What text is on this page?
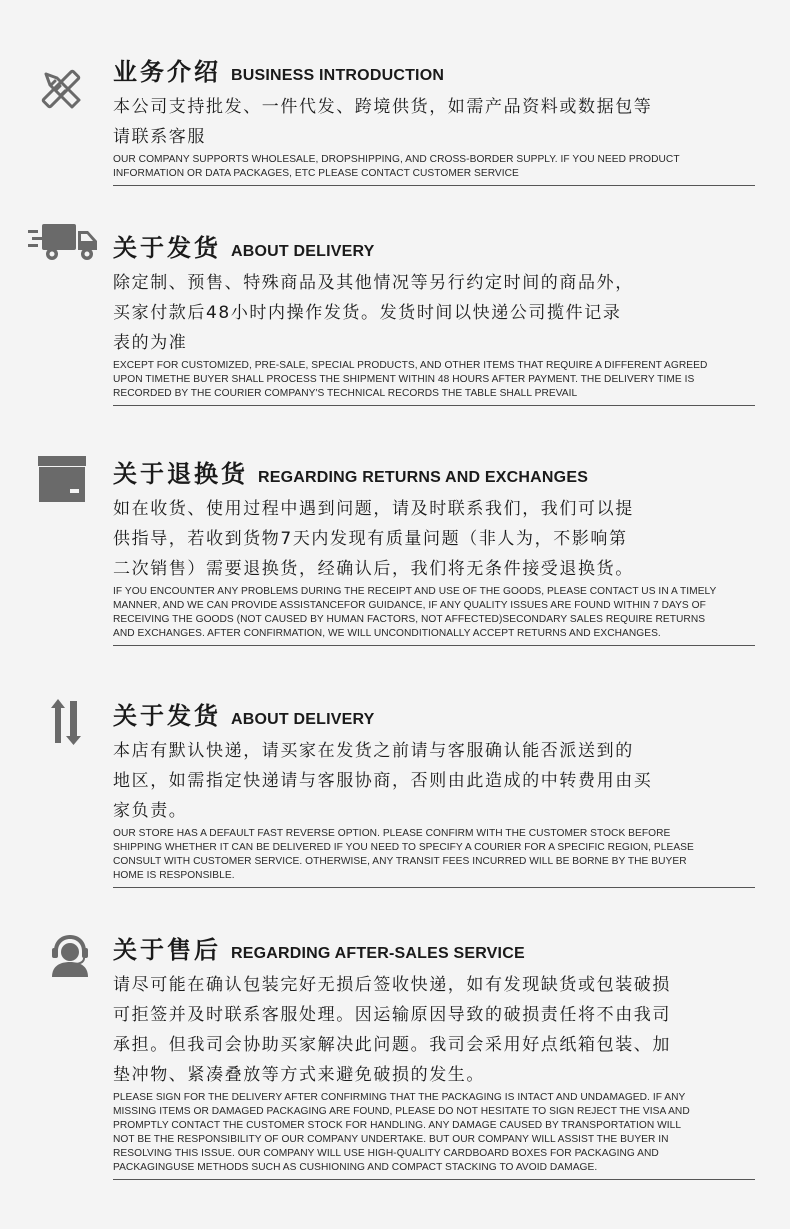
业务介绍 BUSINESS INTRODUCTION
本公司支持批发、一件代发、跨境供货，如需产品资料或数据包等
请联系客服
OUR COMPANY SUPPORTS WHOLESALE, DROPSHIPPING, AND CROSS-BORDER SUPPLY. IF YOU NEED PRODUCT
INFORMATION OR DATA PACKAGES, ETC PLEASE CONTACT CUSTOMER SERVICE
关于发货 ABOUT DELIVERY
除定制、预售、特殊商品及其他情况等另行约定时间的商品外，
买家付款后48小时内操作发货。发货时间以快递公司揽件记录
表的为准
EXCEPT FOR CUSTOMIZED, PRE-SALE, SPECIAL PRODUCTS, AND OTHER ITEMS THAT REQUIRE A DIFFERENT AGREED
UPON TIMETHE BUYER SHALL PROCESS THE SHIPMENT WITHIN 48 HOURS AFTER PAYMENT. THE DELIVERY TIME IS
RECORDED BY THE COURIER COMPANY'S TECHNICAL RECORDS THE TABLE SHALL PREVAIL
关于退换货 REGARDING RETURNS AND EXCHANGES
如在收货、使用过程中遇到问题，请及时联系我们，我们可以提
供指导，若收到货物7天内发现有质量问题（非人为，不影响第
二次销售）需要退换货，经确认后，我们将无条件接受退换货。
IF YOU ENCOUNTER ANY PROBLEMS DURING THE RECEIPT AND USE OF THE GOODS, PLEASE CONTACT US IN A TIMELY
MANNER, AND WE CAN PROVIDE ASSISTANCEFOR GUIDANCE, IF ANY QUALITY ISSUES ARE FOUND WITHIN 7 DAYS OF
RECEIVING THE GOODS (NOT CAUSED BY HUMAN FACTORS, NOT AFFECTED)SECONDARY SALES REQUIRE RETURNS
AND EXCHANGES. AFTER CONFIRMATION, WE WILL UNCONDITIONALLY ACCEPT RETURNS AND EXCHANGES.
关于发货 ABOUT DELIVERY
本店有默认快递，请买家在发货之前请与客服确认能否派送到的
地区，如需指定快递请与客服协商，否则由此造成的中转费用由买
家负责。
OUR STORE HAS A DEFAULT FAST REVERSE OPTION. PLEASE CONFIRM WITH THE CUSTOMER STOCK BEFORE
SHIPPING WHETHER IT CAN BE DELIVERED IF YOU NEED TO SPECIFY A COURIER FOR A SPECIFIC REGION, PLEASE
CONSULT WITH CUSTOMER SERVICE. OTHERWISE, ANY TRANSIT FEES INCURRED WILL BE BORNE BY THE BUYER
HOME IS RESPONSIBLE.
关于售后 REGARDING AFTER-SALES SERVICE
请尽可能在确认包装完好无损后签收快递，如有发现缺货或包装破损
可拒签并及时联系客服处理。因运输原因导致的破损责任将不由我司
承担。但我司会协助买家解决此问题。我司会采用好点纸箱包装、加
垫冲物、紧凑叠放等方式来避免破损的发生。
PLEASE SIGN FOR THE DELIVERY AFTER CONFIRMING THAT THE PACKAGING IS INTACT AND UNDAMAGED. IF ANY
MISSING ITEMS OR DAMAGED PACKAGING ARE FOUND, PLEASE DO NOT HESITATE TO SIGN REJECT THE VISA AND
PROMPTLY CONTACT THE CUSTOMER STOCK FOR HANDLING. ANY DAMAGE CAUSED BY TRANSPORTATION WILL
NOT BE THE RESPONSIBILITY OF OUR COMPANY UNDERTAKE. BUT OUR COMPANY WILL ASSIST THE BUYER IN
RESOLVING THIS ISSUE. OUR COMPANY WILL USE HIGH-QUALITY CARDBOARD BOXES FOR PACKAGING AND
PACKAGINGUSE METHODS SUCH AS CUSHIONING AND COMPACT STACKING TO AVOID DAMAGE.
